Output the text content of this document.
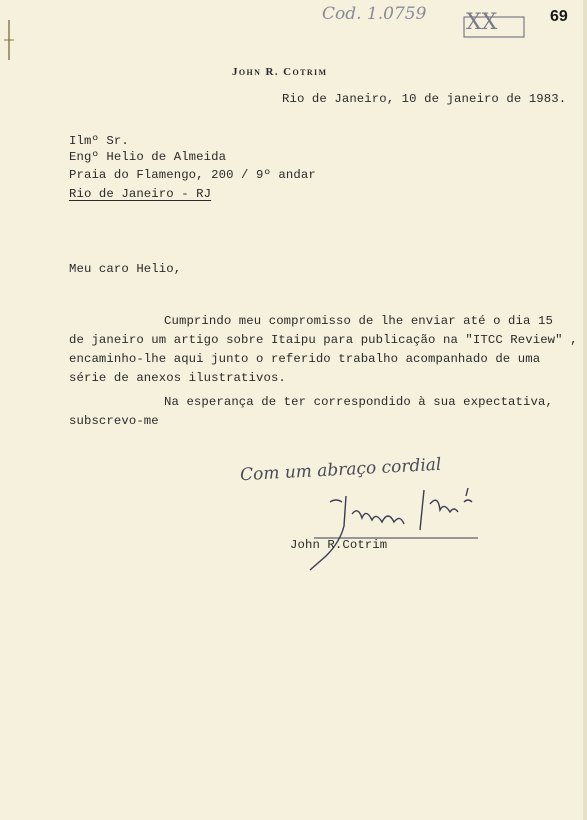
Cod. 1.0759 XX	69
John R. Cotrim
Rio de Janeiro, 10 de janeiro de 1983.
Ilmº Sr.
Engº Helio de Almeida
Praia do Flamengo, 200 / 9º andar
Rio de Janeiro - RJ
Meu caro Helio,
Cumprindo meu compromisso de lhe enviar até o dia 15
de janeiro um artigo sobre Itaipu para publicação na "ITCC Review" ,
encaminho-lhe aqui junto o referido trabalho acompanhado de uma
série de anexos ilustrativos.
Na esperança de ter correspondido à sua expectativa,
subscrevo-me
Com um abraço cordial
John R.Cotrim
